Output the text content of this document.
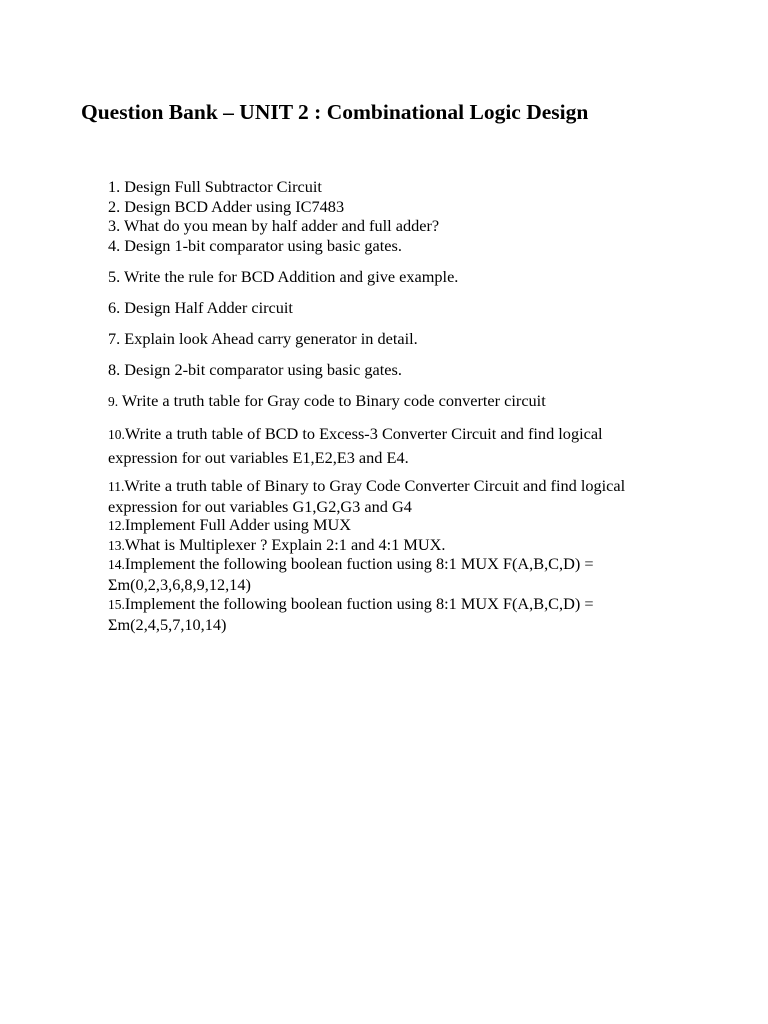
Question Bank – UNIT 2 : Combinational Logic Design

1. Design Full Subtractor Circuit

2. Design BCD Adder using IC7483

3. What do you mean by half adder and full adder?

4. Design 1-bit comparator using basic gates.

5. Write the rule for BCD Addition and give example.

6. Design Half Adder circuit

7. Explain look Ahead carry generator in detail.

8. Design 2-bit comparator using basic gates.

9. Write a truth table for Gray code to Binary code converter circuit

10.Write a truth table of BCD to Excess-3 Converter Circuit and find logical
expression for out variables E1,E2,E3 and E4.

11.Write a truth table of Binary to Gray Code Converter Circuit and find logical
expression for out variables G1,G2,G3 and G4

12.Implement Full Adder using MUX

13.What is Multiplexer ? Explain 2:1 and 4:1 MUX.

14.Implement the following boolean fuction using 8:1 MUX F(A,B,C,D) =
Σm(0,2,3,6,8,9,12,14)

15.Implement the following boolean fuction using 8:1 MUX F(A,B,C,D) =
Σm(2,4,5,7,10,14)
